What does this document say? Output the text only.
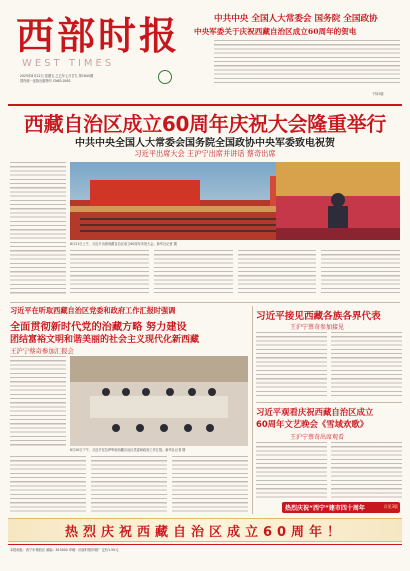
西部时报
WEST TIMES
中共中央 全国人大常委会 国务院 全国政协
中央军委关于庆祝西藏自治区成立60周年的贺电
2025年8月22日 星期五 乙巳年七月廿九 第1845期
国内统一连续出版物号 CN63-0001
下转2版
西藏自治区成立60周年庆祝大会隆重举行
中共中央全国人大常委会国务院全国政协中央军委致电祝贺
习近平出席大会 王沪宁出席并讲话 蔡奇出席
8月21日上午，习近平出席西藏自治区成立60周年庆祝大会。新华社记者 摄
习近平在听取西藏自治区党委和政府工作汇报时强调
全面贯彻新时代党的治藏方略 努力建设
团结富裕文明和谐美丽的社会主义现代化新西藏
王沪宁蔡奇参加汇报会
8月20日下午，习近平在拉萨听取西藏自治区党委和政府工作汇报。新华社记者 摄
习近平接见西藏各族各界代表
王沪宁蔡奇参加接见
习近平观看庆祝西藏自治区成立
60周年文艺晚会《雪域欢歌》
王沪宁蔡奇出席观看
热烈庆祝“西宁”建市四十周年	详见3版
热烈庆祝西藏自治区成立60周年！
本报地址：西宁市城西区 邮编：810000 印刷：西部时报印刷厂 定价1.50元
